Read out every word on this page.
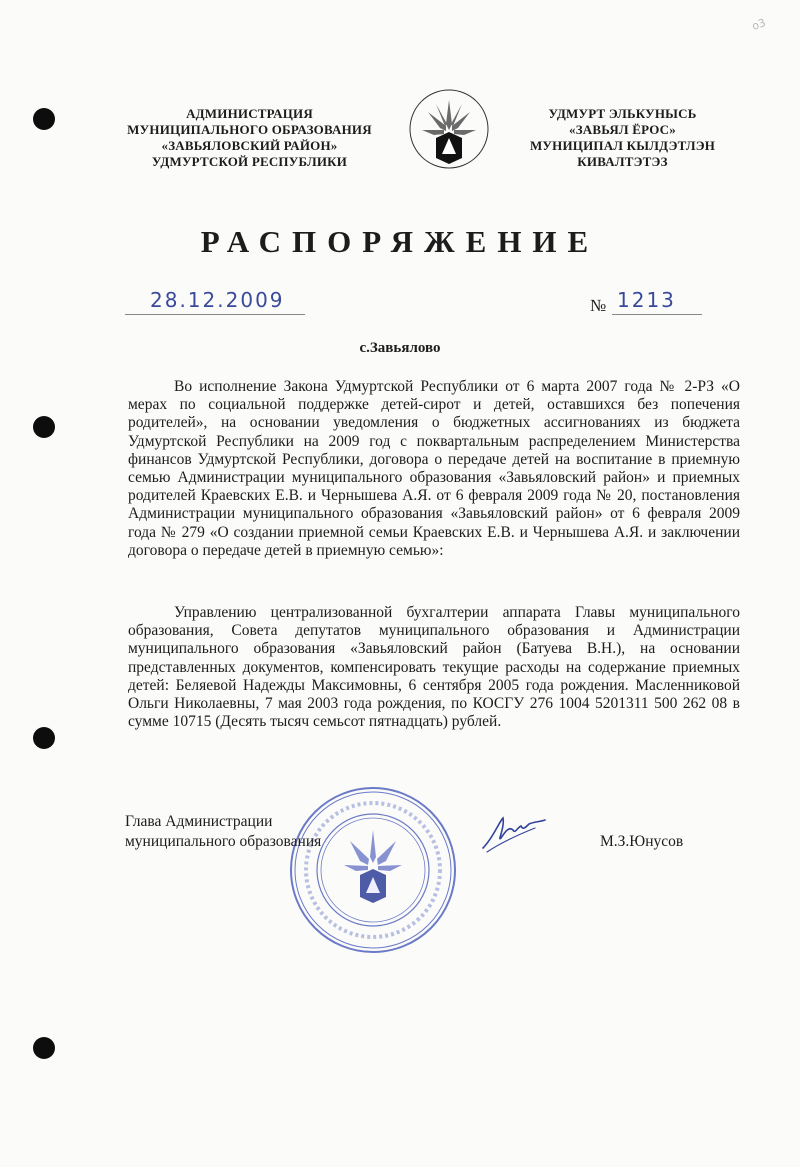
o3
АДМИНИСТРАЦИЯ
МУНИЦИПАЛЬНОГО ОБРАЗОВАНИЯ
«ЗАВЬЯЛОВСКИЙ РАЙОН»
УДМУРТСКОЙ РЕСПУБЛИКИ
УДМУРТ ЭЛЬКУНЫСЬ
«ЗАВЬЯЛ ЁРОС»
МУНИЦИПАЛ КЫЛДЭТЛЭН
КИВАЛТЭТЭЗ
РАСПОРЯЖЕНИЕ
28.12.2009	№ 1213
с.Завьялово
Во исполнение Закона Удмуртской Республики от 6 марта 2007 года № 2-РЗ «О мерах по социальной поддержке детей-сирот и детей, оставшихся без попечения родителей», на основании уведомления о бюджетных ассигнованиях из бюджета Удмуртской Республики на 2009 год с поквартальным распределением Министерства финансов Удмуртской Республики, договора о передаче детей на воспитание в приемную семью Администрации муниципального образования «Завьяловский район» и приемных родителей Краевских Е.В. и Чернышева А.Я. от 6 февраля 2009 года № 20, постановления Администрации муниципального образования «Завьяловский район» от 6 февраля 2009 года № 279 «О создании приемной семьи Краевских Е.В. и Чернышева А.Я. и заключении договора о передаче детей в приемную семью»:
Управлению централизованной бухгалтерии аппарата Главы муниципального образования, Совета депутатов муниципального образования и Администрации муниципального образования «Завьяловский район (Батуева В.Н.), на основании представленных документов, компенсировать текущие расходы на содержание приемных детей: Беляевой Надежды Максимовны, 6 сентября 2005 года рождения. Масленниковой Ольги Николаевны, 7 мая 2003 года рождения, по КОСГУ 276 1004 5201311 500 262 08 в сумме 10715 (Десять тысяч семьсот пятнадцать) рублей.
Глава Администрации
муниципального образования	М.З.Юнусов
